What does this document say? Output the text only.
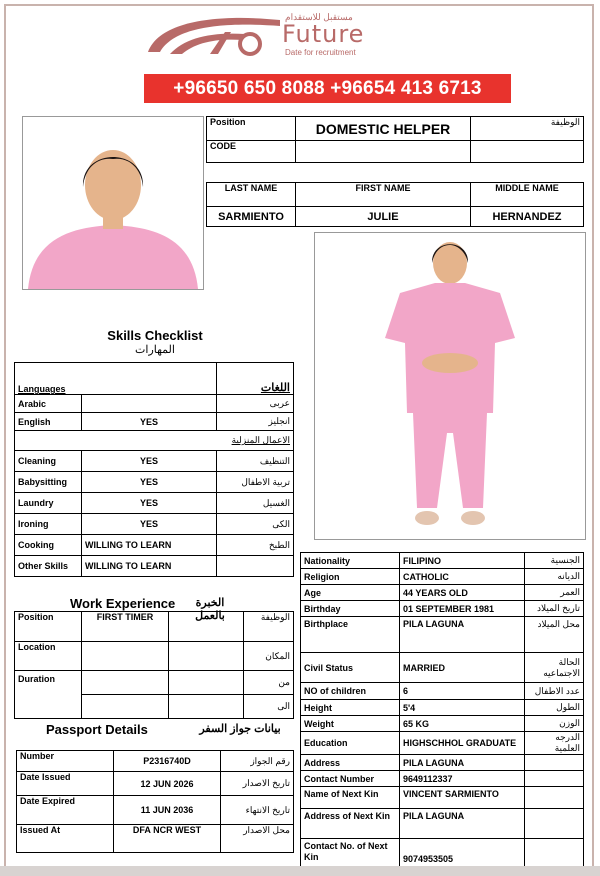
مستقبل للاستقدام
Future
Date for recruitment
+96650 650 8088 +96654 413 6713
Position	DOMESTIC HELPER	الوظيفة
CODE		
LAST NAME	FIRST NAME	MIDDLE NAME
SARMIENTO	JULIE	HERNANDEZ
Skills Checklist
المهارات
Languages		اللغات
Arabic		عربى
English	YES	انجليز
الاعمال المنزلية		
Cleaning	YES	التنظيف
Babysitting	YES	تربية الاطفال
Laundry	YES	الغسيل
Ironing	YES	الكى
Cooking	WILLING TO LEARN	الطبخ
Other Skills	WILLING TO LEARN	
Work Experience	الخبرة بالعمل
Position	FIRST TIMER		الوظيفة
Location			المكان
Duration			من
			الى
Passport Details	بيانات جواز السفر
Number	P2316740D	رقم الجواز
Date Issued	12 JUN 2026	تاريخ الاصدار
Date Expired	11 JUN 2036	تاريخ الانتهاء
Issued At	DFA NCR WEST	محل الاصدار
Nationality	FILIPINO	الجنسية
Religion	CATHOLIC	الديانه
Age	44 YEARS OLD	العمر
Birthday	01 SEPTEMBER 1981	تاريخ الميلاد
Birthplace	PILA LAGUNA	محل الميلاد
Civil Status	MARRIED	الحالة الاجتماعيه
NO of children	6	عدد الاطفال
Height	5'4	الطول
Weight	65 KG	الوزن
Education	HIGHSCHHOL GRADUATE	الدرجه العلمية
Address	PILA LAGUNA	
Contact Number	9649112337	
Name of Next Kin	VINCENT SARMIENTO	
Address of Next Kin	PILA LAGUNA	
Contact No. of Next Kin	9074953505	
